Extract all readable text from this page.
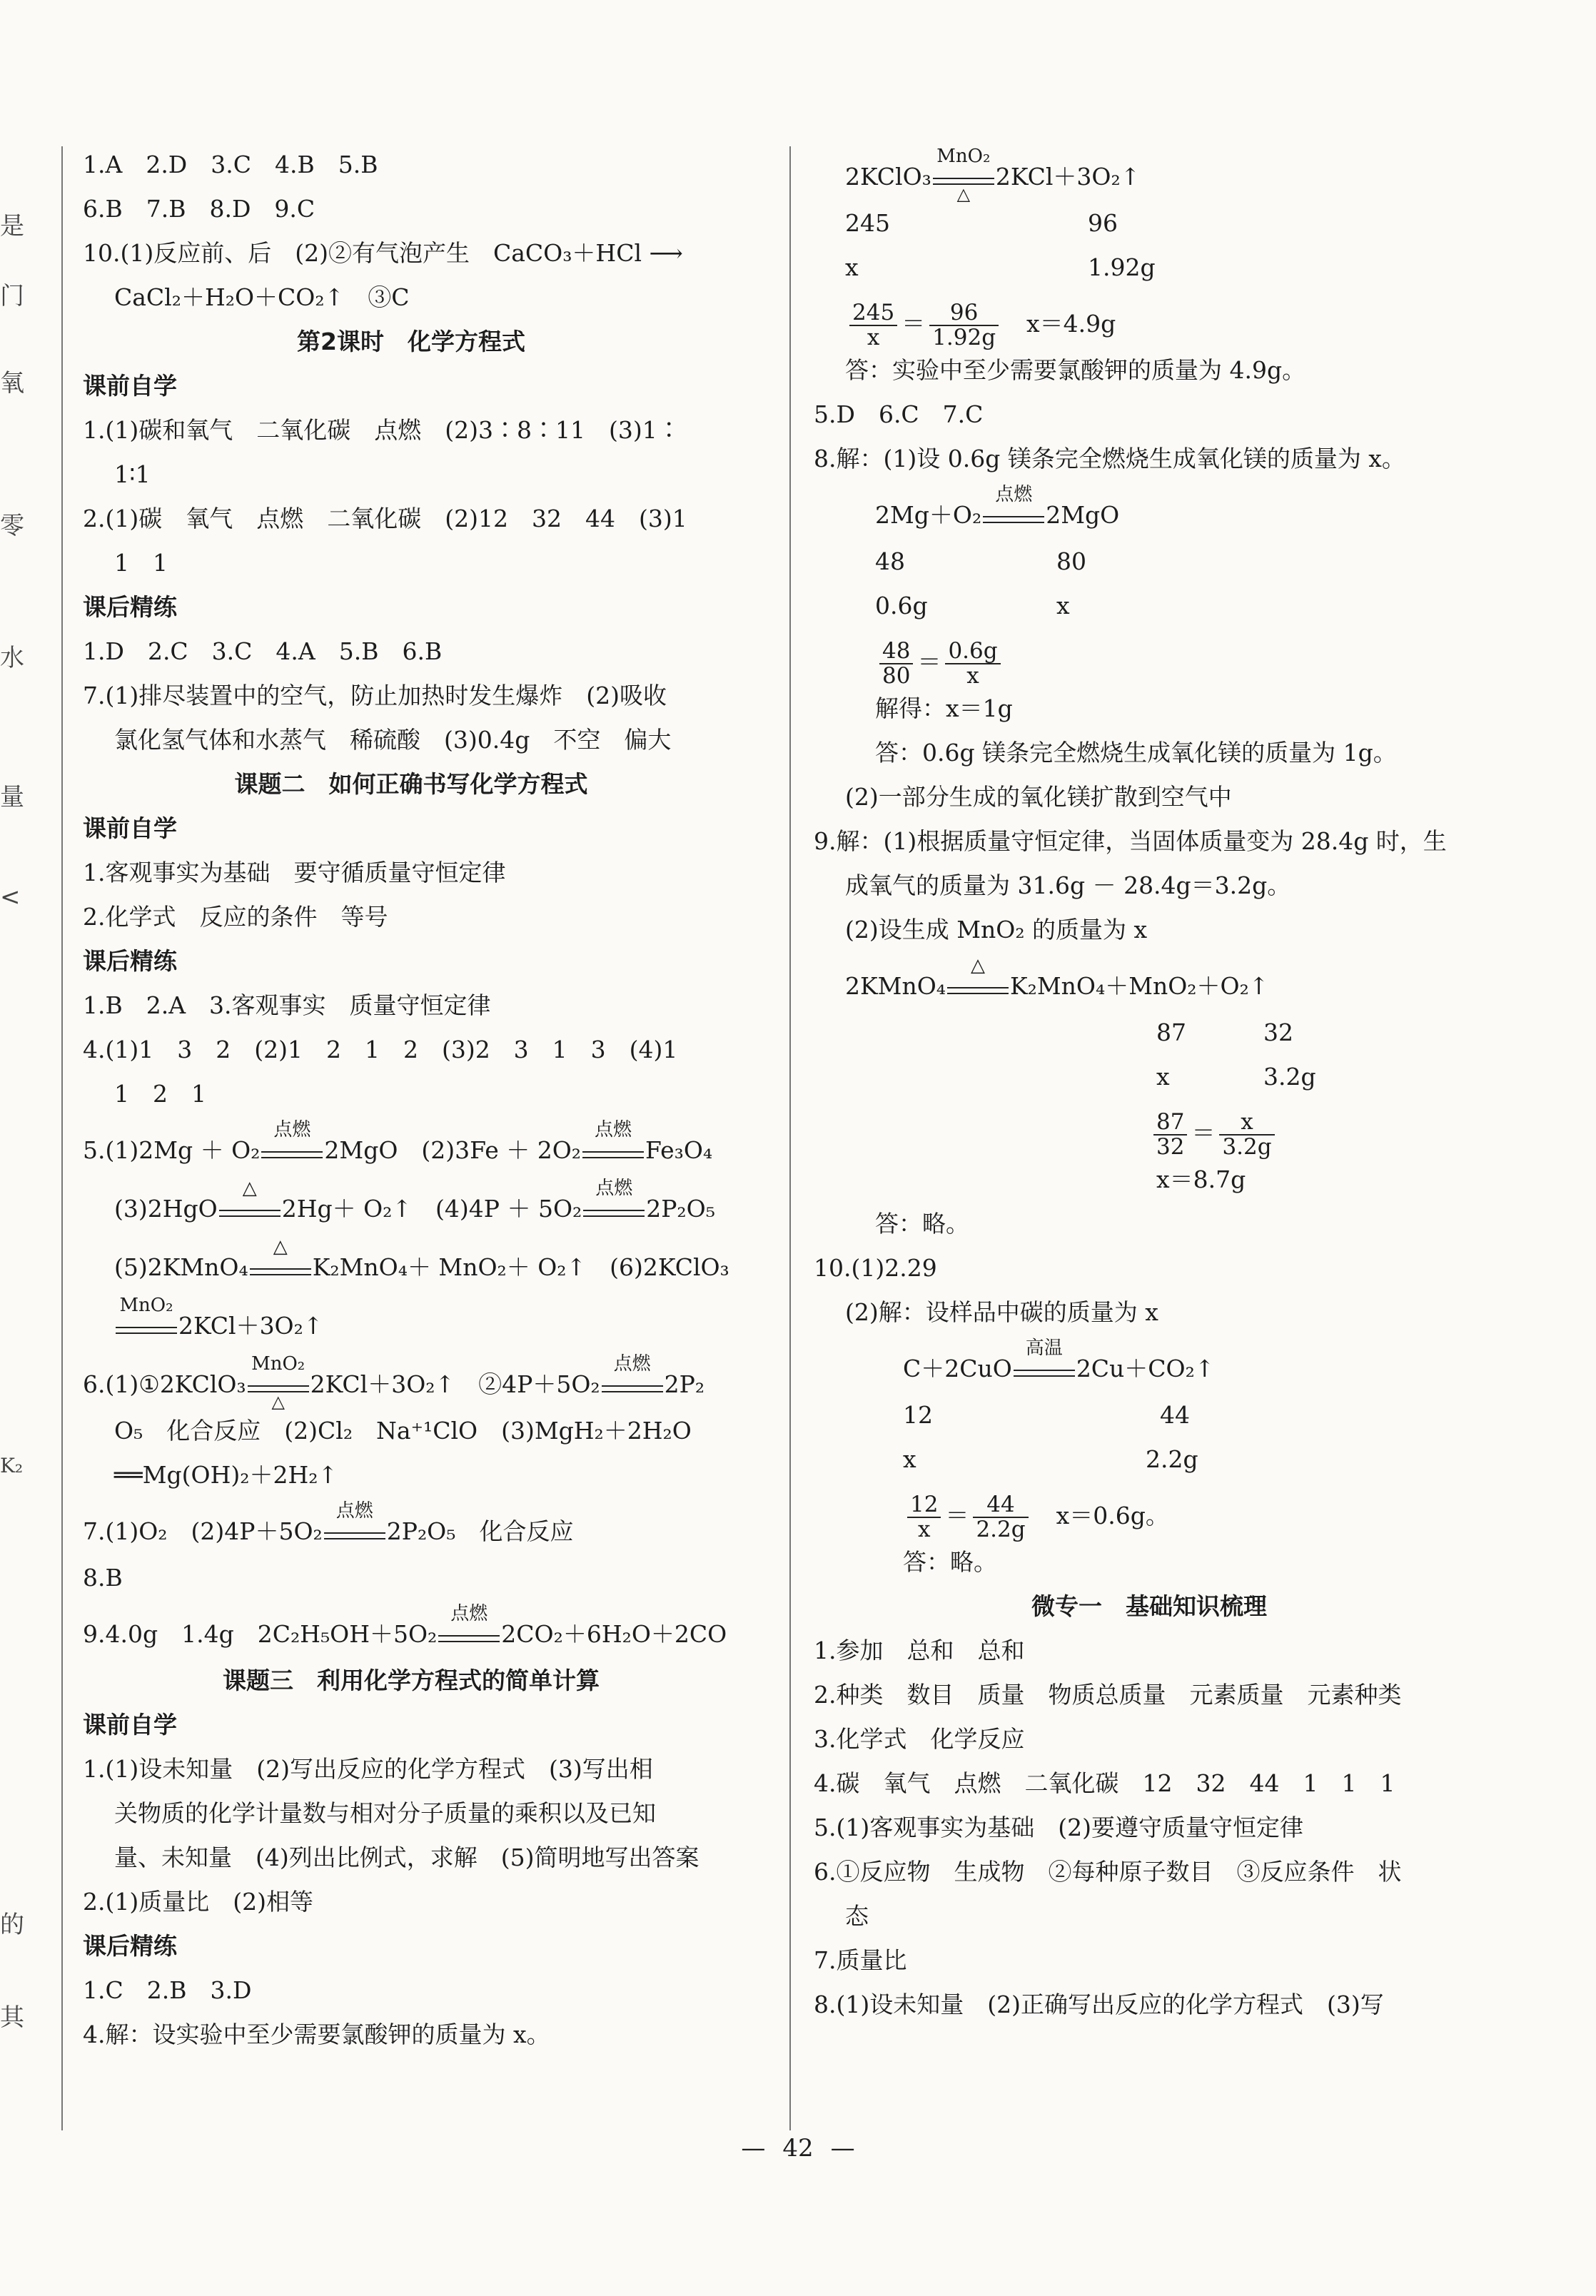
是
门
氧
零
水
量
<
K₂
的
其
1.A　2.D　3.C　4.B　5.B
6.B　7.B　8.D　9.C
10.(1)反应前、后　(2)②有气泡产生　CaCO₃＋HCl ⟶
CaCl₂＋H₂O＋CO₂↑　③C
第2课时　化学方程式
课前自学
1.(1)碳和氧气　二氧化碳　点燃　(2)3∶8∶11　(3)1∶
1∶1
2.(1)碳　氧气　点燃　二氧化碳　(2)12　32　44　(3)1
1　1
课后精练
1.D　2.C　3.C　4.A　5.B　6.B
7.(1)排尽装置中的空气，防止加热时发生爆炸　(2)吸收
氯化氢气体和水蒸气　稀硫酸　(3)0.4g　不空　偏大
课题二　如何正确书写化学方程式
课前自学
1.客观事实为基础　要守循质量守恒定律
2.化学式　反应的条件　等号
课后精练
1.B　2.A　3.客观事实　质量守恒定律
4.(1)1　3　2　(2)1　2　1　2　(3)2　3　1　3　(4)1
1　2　1
5.(1)2Mg ＋ O₂
点燃
2MgO　(2)3Fe ＋ 2O₂
点燃
Fe₃O₄
(3)2HgO
△
2Hg＋ O₂↑　(4)4P ＋ 5O₂
点燃
2P₂O₅
(5)2KMnO₄
△
K₂MnO₄＋ MnO₂＋ O₂↑　(6)2KClO₃
MnO₂
2KCl＋3O₂↑
6.(1)①2KClO₃
MnO₂
△
2KCl＋3O₂↑　②4P＋5O₂
点燃
2P₂
O₅　化合反应　(2)Cl₂　Na⁺¹ClO　(3)MgH₂＋2H₂O
══Mg(OH)₂＋2H₂↑
7.(1)O₂　(2)4P＋5O₂
点燃
2P₂O₅　化合反应
8.B
9.4.0g　1.4g　2C₂H₅OH＋5O₂
点燃
2CO₂＋6H₂O＋2CO
课题三　利用化学方程式的简单计算
课前自学
1.(1)设未知量　(2)写出反应的化学方程式　(3)写出相
关物质的化学计量数与相对分子质量的乘积以及已知
量、未知量　(4)列出比例式，求解　(5)简明地写出答案
2.(1)质量比　(2)相等
课后精练
1.C　2.B　3.D
4.解：设实验中至少需要氯酸钾的质量为 x。
2KClO₃
MnO₂
△
2KCl＋3O₂↑
245	96
x	1.92g
$\frac{245}{x} = \frac{96}{1.92g}$
　 x＝4.9g
答：实验中至少需要氯酸钾的质量为 4.9g。
5.D　6.C　7.C
8.解：(1)设 0.6g 镁条完全燃烧生成氧化镁的质量为 x。
2Mg＋O₂
点燃
2MgO
48	80
0.6g	x
$\frac{48}{80} = \frac{0.6g}{x}$
解得：x＝1g
答：0.6g 镁条完全燃烧生成氧化镁的质量为 1g。
(2)一部分生成的氧化镁扩散到空气中
9.解：(1)根据质量守恒定律，当固体质量变为 28.4g 时，生
成氧气的质量为 31.6g － 28.4g＝3.2g。
(2)设生成 MnO₂ 的质量为 x
2KMnO₄
△
K₂MnO₄＋MnO₂＋O₂↑
87	32
x	3.2g
$\frac{87}{32} = \frac{x}{3.2g}$
x＝8.7g
答：略。
10.(1)2.29
(2)解：设样品中碳的质量为 x
C＋2CuO
高温
2Cu＋CO₂↑
12	44
x	2.2g
$\frac{12}{x} = \frac{44}{2.2g}$
　 x＝0.6g。
答：略。
微专一　基础知识梳理
1.参加　总和　总和
2.种类　数目　质量　物质总质量　元素质量　元素种类
3.化学式　化学反应
4.碳　氧气　点燃　二氧化碳　12　32　44　1　1　1
5.(1)客观事实为基础　(2)要遵守质量守恒定律
6.①反应物　生成物　②每种原子数目　③反应条件　状
态
7.质量比
8.(1)设未知量　(2)正确写出反应的化学方程式　(3)写
— 42 —
